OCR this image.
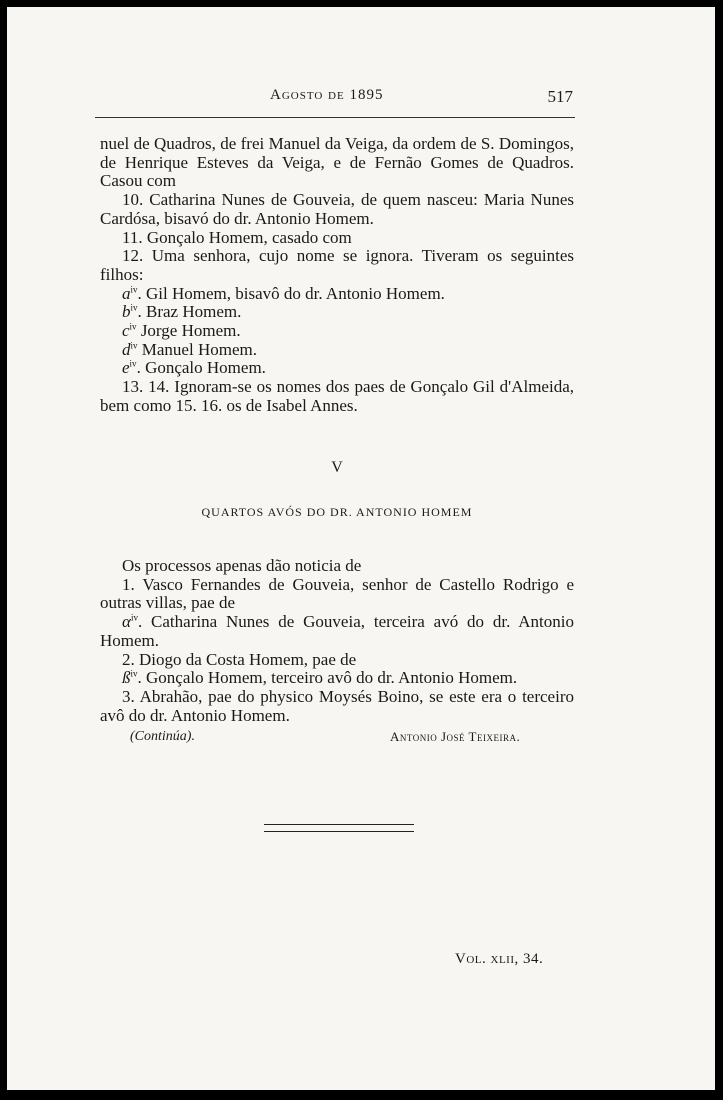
Agosto de 1895	517

nuel de Quadros, de frei Manuel da Veiga, da ordem de S. Domingos, de Henrique Esteves da Veiga, e de Fernão Gomes de Quadros. Casou com

10. Catharina Nunes de Gouveia, de quem nasceu: Maria Nunes Cardósa, bisavó do dr. Antonio Homem.

11. Gonçalo Homem, casado com

12. Uma senhora, cujo nome se ignora. Tiveram os seguintes filhos:

$a^{iv}$. Gil Homem, bisavô do dr. Antonio Homem.

$b^{iv}$. Braz Homem.

$c^{iv}$ Jorge Homem.

$d^{iv}$ Manuel Homem.

$e^{iv}$. Gonçalo Homem.

13. 14. Ignoram-se os nomes dos paes de Gonçalo Gil d'Almeida, bem como 15. 16. os de Isabel Annes.

V
QUARTOS AVÓS DO DR. ANTONIO HOMEM

Os processos apenas dão noticia de

1. Vasco Fernandes de Gouveia, senhor de Castello Rodrigo e outras villas, pae de

$\alpha^{iv}$. Catharina Nunes de Gouveia, terceira avó do dr. Antonio Homem.

2. Diogo da Costa Homem, pae de

$ß^{iv}$. Gonçalo Homem, terceiro avô do dr. Antonio Homem.

3. Abrahão, pae do physico Moysés Boino, se este era o terceiro avô do dr. Antonio Homem.

(Continúa).	Antonio José Teixeira.
Vol. xlii, 34.
